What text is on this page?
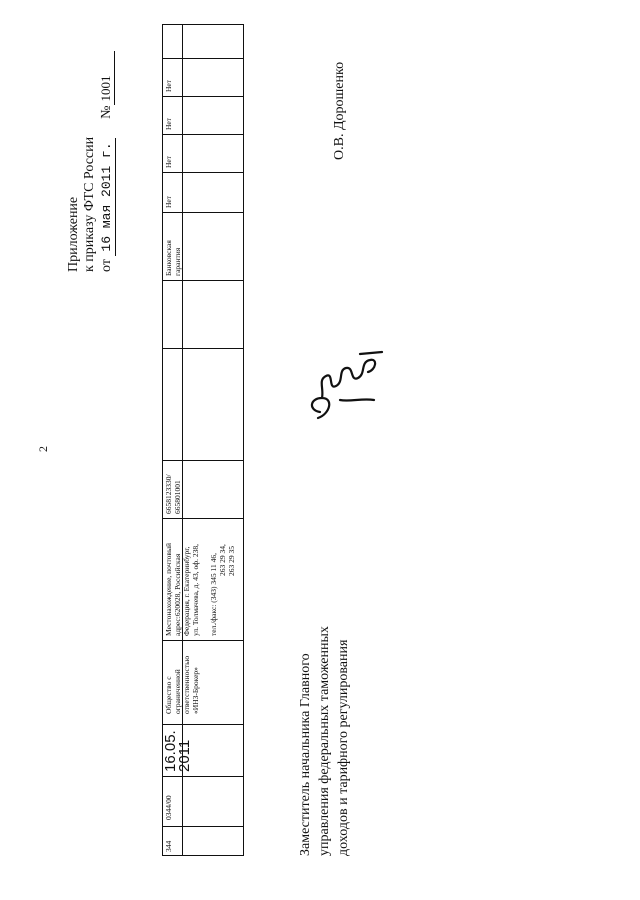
2
Приложение к приказу ФТС России от 16 мая 2011 г. №1001
344
0344/00
16.05.
2011
Общество с ограниченной ответственностью «ИНЗ-Брокер»
Местонахождение, почтовый адрес:620028, Российская Федерация, г. Екатеринбург, ул. Толмачева, д. 43, оф. 238,
тел./факс: (343) 345 11 46, 263 29 34, 263 29 35
6658123330/ 665801001
Банковская гарантия
Нет
Нет
Нет
Нет
Заместитель начальника Главного управления федеральных таможенных доходов и тарифного регулирования
О.В. Дорошенко
